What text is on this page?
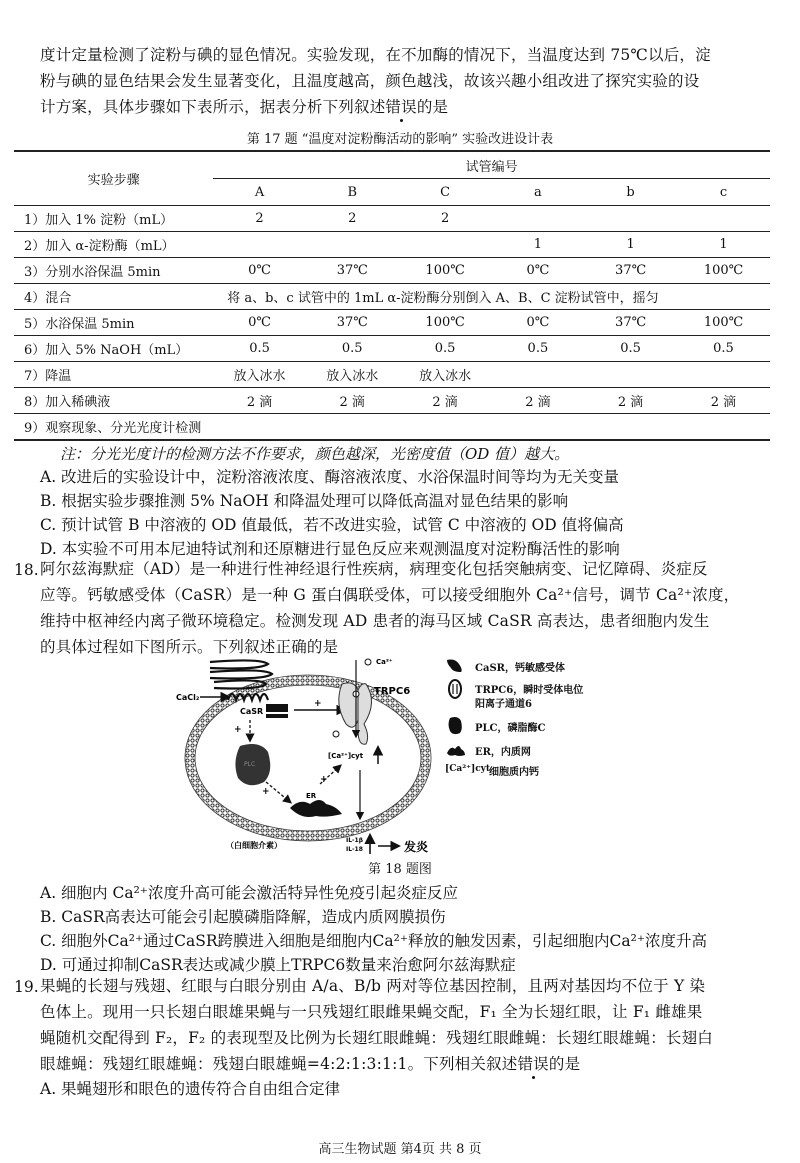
度计定量检测了淀粉与碘的显色情况。实验发现，在不加酶的情况下，当温度达到 75℃以后，淀
粉与碘的显色结果会发生显著变化，且温度越高，颜色越浅，故该兴趣小组改进了探究实验的设
计方案，具体步骤如下表所示，据表分析下列叙述错误的是
第 17 题 “温度对淀粉酶活动的影响” 实验改进设计表
实验步骤	试管编号					
	A	B	C	a	b	c
1）加入 1% 淀粉（mL）	2	2	2			
2）加入 α-淀粉酶（mL）				1	1	1
3）分别水浴保温 5min	0℃	37℃	100℃	0℃	37℃	100℃
4）混合	将 a、b、c 试管中的 1mL α-淀粉酶分别倒入 A、B、C 淀粉试管中，摇匀					
5）水浴保温 5min	0℃	37℃	100℃	0℃	37℃	100℃
6）加入 5% NaOH（mL）	0.5	0.5	0.5	0.5	0.5	0.5
7）降温	放入冰水	放入冰水	放入冰水			
8）加入稀碘液	2 滴	2 滴	2 滴	2 滴	2 滴	2 滴
9）观察现象、分光光度计检测						
注：分光光度计的检测方法不作要求，颜色越深，光密度值（OD 值）越大。
A. 改进后的实验设计中，淀粉溶液浓度、酶溶液浓度、水浴保温时间等均为无关变量
B. 根据实验步骤推测 5% NaOH 和降温处理可以降低高温对显色结果的影响
C. 预计试管 B 中溶液的 OD 值最低，若不改进实验，试管 C 中溶液的 OD 值将偏高
D. 本实验不可用本尼迪特试剂和还原糖进行显色反应来观测温度对淀粉酶活性的影响
18. 阿尔兹海默症（AD）是一种进行性神经退行性疾病，病理变化包括突触病变、记忆障碍、炎症反
应等。钙敏感受体（CaSR）是一种 G 蛋白偶联受体，可以接受细胞外 Ca²⁺信号，调节 Ca²⁺浓度，
维持中枢神经内离子微环境稳定。检测发现 AD 患者的海马区域 CaSR 高表达，患者细胞内发生
的具体过程如下图所示。下列叙述正确的是
CaCl₂
CaSR
+
TRPC6
Ca²⁺
[Ca²⁺]cyt
+
PLC
+	ER
+
（白细胞介素）	IL-1β
IL-18	发炎
CaSR，钙敏感受体
TRPC6，瞬时受体电位
阳离子通道6
PLC，磷脂酶C
ER，内质网
[Ca²⁺]cyt
细胞质内钙
第 18 题图
A. 细胞内 Ca²⁺浓度升高可能会激活特异性免疫引起炎症反应
B. CaSR高表达可能会引起膜磷脂降解，造成内质网膜损伤
C. 细胞外Ca²⁺通过CaSR跨膜进入细胞是细胞内Ca²⁺释放的触发因素，引起细胞内Ca²⁺浓度升高
D. 可通过抑制CaSR表达或减少膜上TRPC6数量来治愈阿尔兹海默症
19. 果蝇的长翅与残翅、红眼与白眼分别由 A/a、B/b 两对等位基因控制，且两对基因均不位于 Y 染
色体上。现用一只长翅白眼雄果蝇与一只残翅红眼雌果蝇交配，F₁ 全为长翅红眼，让 F₁ 雌雄果
蝇随机交配得到 F₂，F₂ 的表现型及比例为长翅红眼雌蝇：残翅红眼雌蝇：长翅红眼雄蝇：长翅白
眼雄蝇：残翅红眼雄蝇：残翅白眼雄蝇=4:2:1:3:1:1。下列相关叙述错误的是
A. 果蝇翅形和眼色的遗传符合自由组合定律
高三生物试题 第4页 共 8 页
